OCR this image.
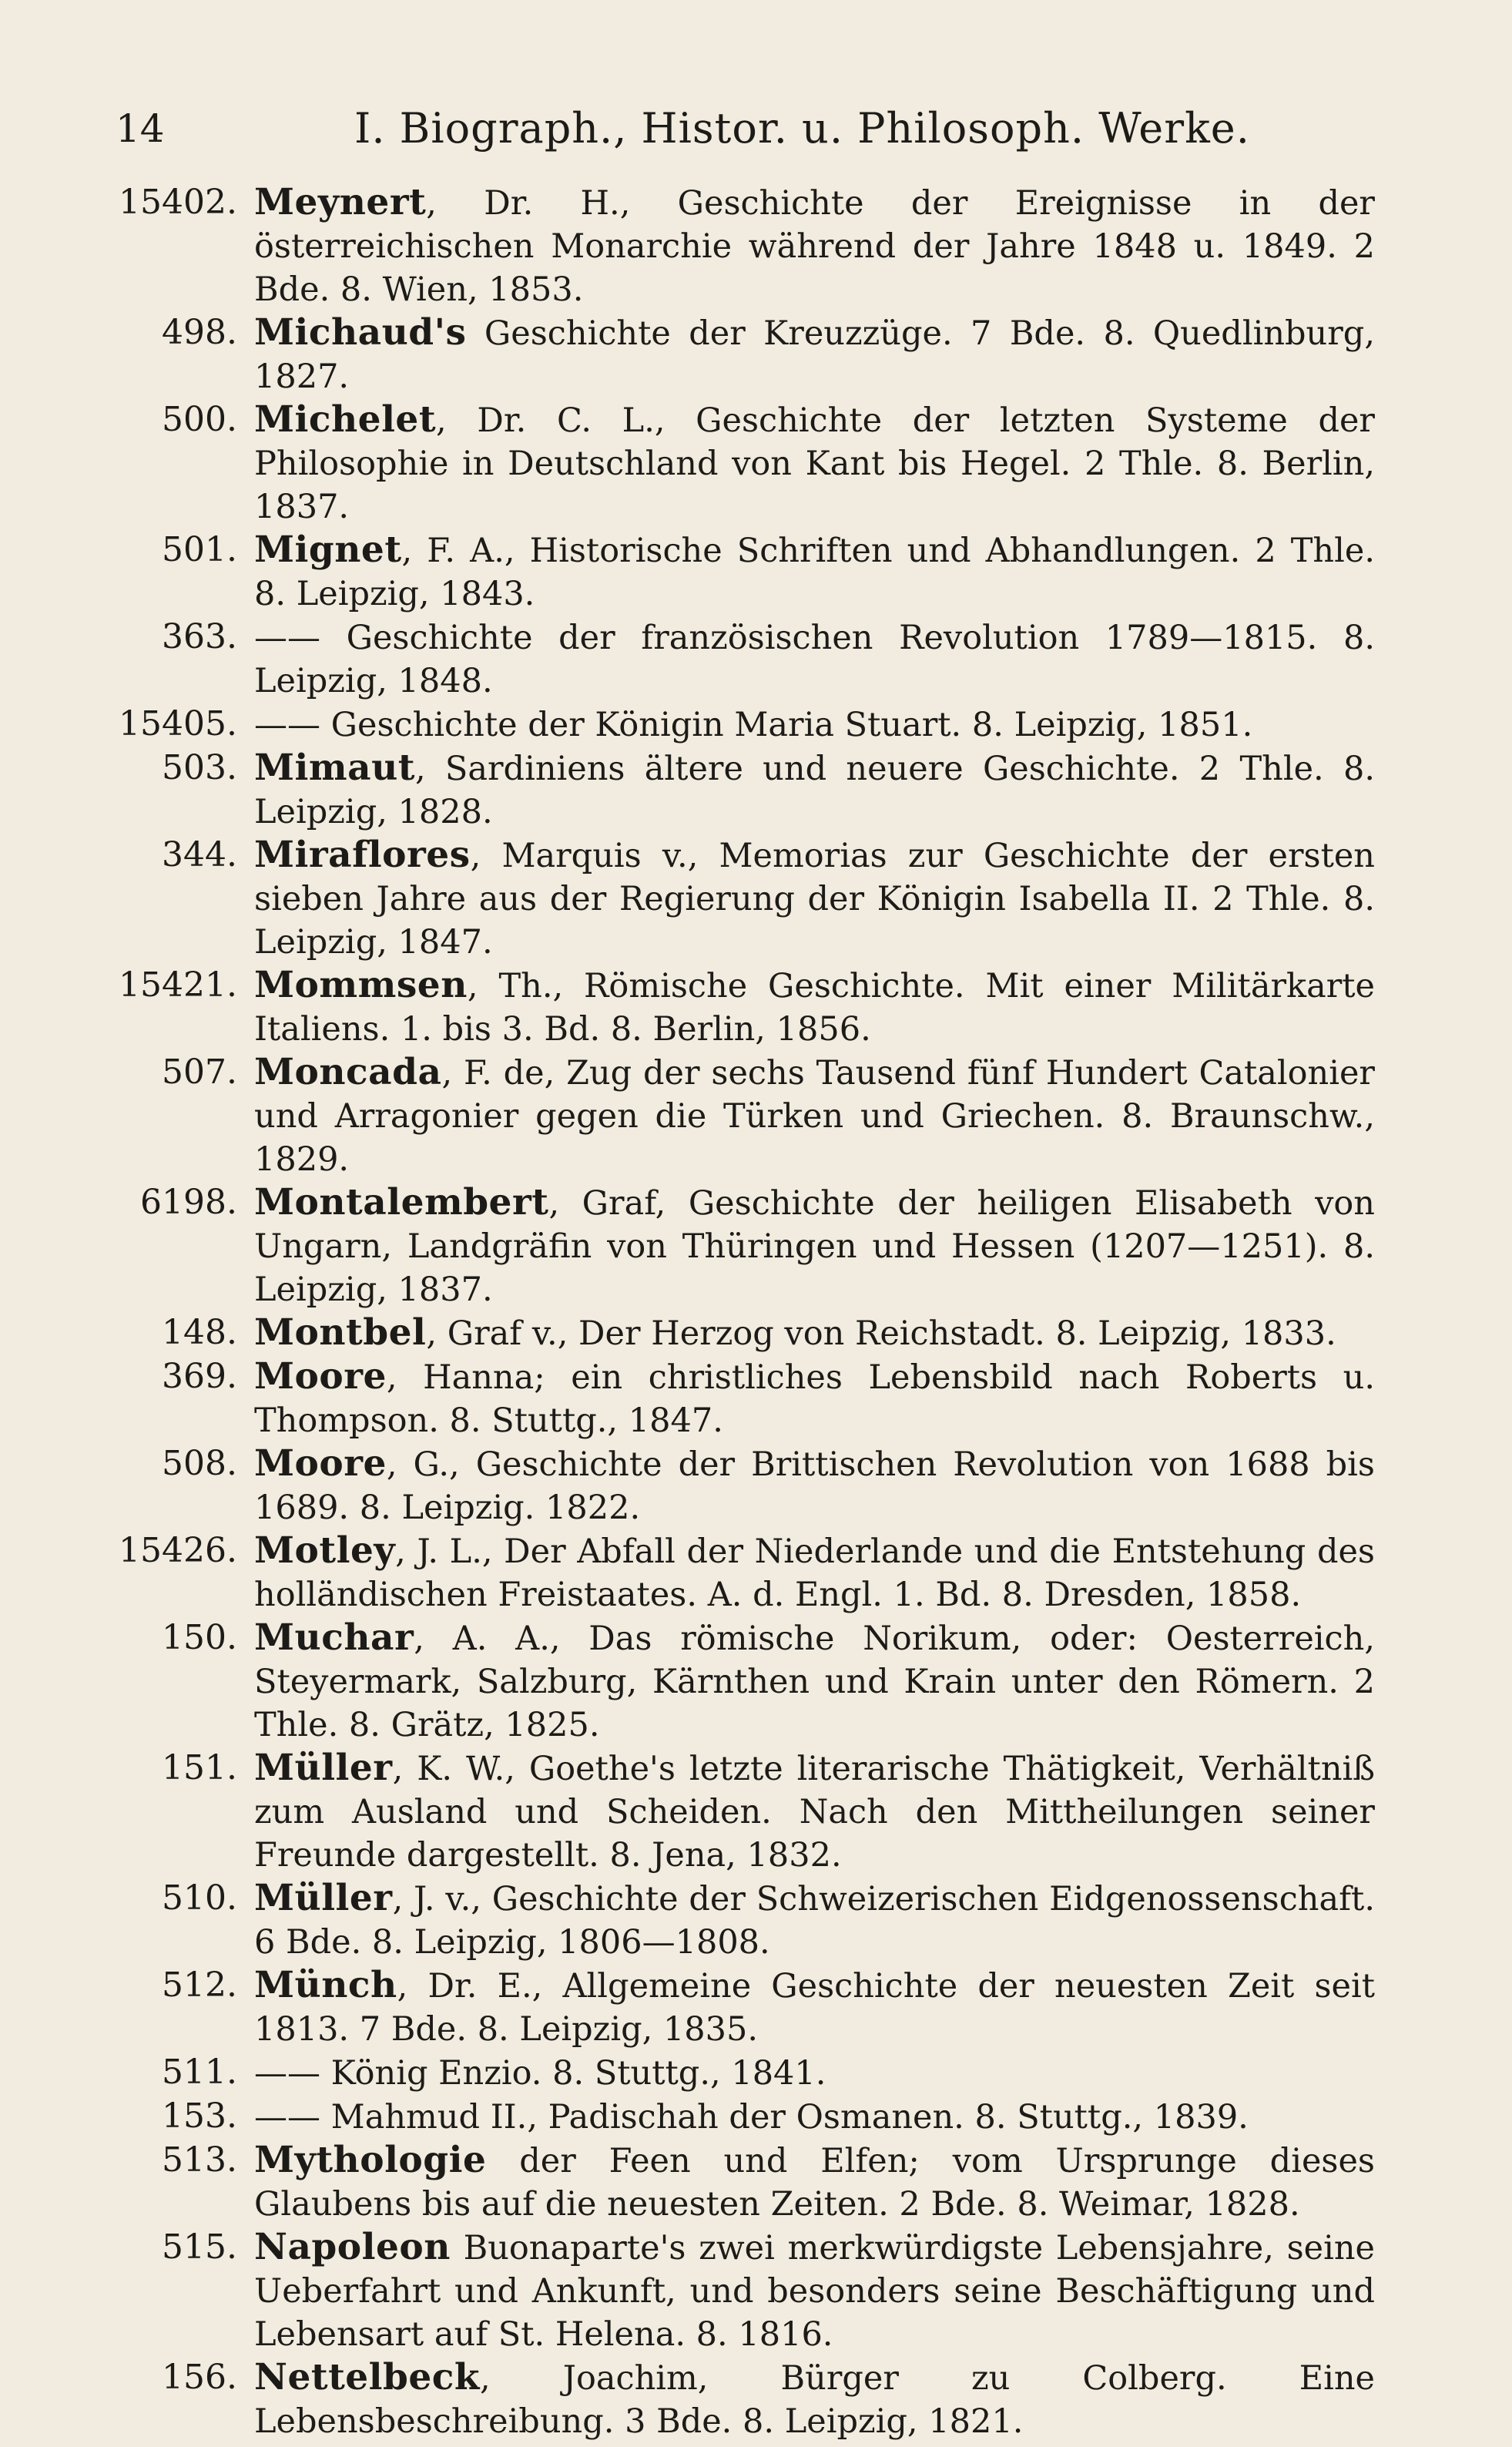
14	I. Biograph., Histor. u. Philosoph. Werke.
15402. Meynert, Dr. H., Geschichte der Ereignisse in der österreichischen Monarchie während der Jahre 1848 u. 1849. 2 Bde. 8. Wien, 1853.
498. Michaud's Geschichte der Kreuzzüge. 7 Bde. 8. Quedlinburg, 1827.
500. Michelet, Dr. C. L., Geschichte der letzten Systeme der Philosophie in Deutschland von Kant bis Hegel. 2 Thle. 8. Berlin, 1837.
501. Mignet, F. A., Historische Schriften und Abhandlungen. 2 Thle. 8. Leipzig, 1843.
363. —— Geschichte der französischen Revolution 1789—1815. 8. Leipzig, 1848.
15405. —— Geschichte der Königin Maria Stuart. 8. Leipzig, 1851.
503. Mimaut, Sardiniens ältere und neuere Geschichte. 2 Thle. 8. Leipzig, 1828.
344. Miraflores, Marquis v., Memorias zur Geschichte der ersten sieben Jahre aus der Regierung der Königin Isabella II. 2 Thle. 8. Leipzig, 1847.
15421. Mommsen, Th., Römische Geschichte. Mit einer Militärkarte Italiens. 1. bis 3. Bd. 8. Berlin, 1856.
507. Moncada, F. de, Zug der sechs Tausend fünf Hundert Catalonier und Arragonier gegen die Türken und Griechen. 8. Braunschw., 1829.
6198. Montalembert, Graf, Geschichte der heiligen Elisabeth von Ungarn, Landgräfin von Thüringen und Hessen (1207—1251). 8. Leipzig, 1837.
148. Montbel, Graf v., Der Herzog von Reichstadt. 8. Leipzig, 1833.
369. Moore, Hanna; ein christliches Lebensbild nach Roberts u. Thompson. 8. Stuttg., 1847.
508. Moore, G., Geschichte der Brittischen Revolution von 1688 bis 1689. 8. Leipzig. 1822.
15426. Motley, J. L., Der Abfall der Niederlande und die Entstehung des holländischen Freistaates. A. d. Engl. 1. Bd. 8. Dresden, 1858.
150. Muchar, A. A., Das römische Norikum, oder: Oesterreich, Steyermark, Salzburg, Kärnthen und Krain unter den Römern. 2 Thle. 8. Grätz, 1825.
151. Müller, K. W., Goethe's letzte literarische Thätigkeit, Verhältniß zum Ausland und Scheiden. Nach den Mittheilungen seiner Freunde dargestellt. 8. Jena, 1832.
510. Müller, J. v., Geschichte der Schweizerischen Eidgenossenschaft. 6 Bde. 8. Leipzig, 1806—1808.
512. Münch, Dr. E., Allgemeine Geschichte der neuesten Zeit seit 1813. 7 Bde. 8. Leipzig, 1835.
511. —— König Enzio. 8. Stuttg., 1841.
153. —— Mahmud II., Padischah der Osmanen. 8. Stuttg., 1839.
513. Mythologie der Feen und Elfen; vom Ursprunge dieses Glaubens bis auf die neuesten Zeiten. 2 Bde. 8. Weimar, 1828.
515. Napoleon Buonaparte's zwei merkwürdigste Lebensjahre, seine Ueberfahrt und Ankunft, und besonders seine Beschäftigung und Lebensart auf St. Helena. 8. 1816.
156. Nettelbeck, Joachim, Bürger zu Colberg. Eine Lebensbeschreibung. 3 Bde. 8. Leipzig, 1821.
